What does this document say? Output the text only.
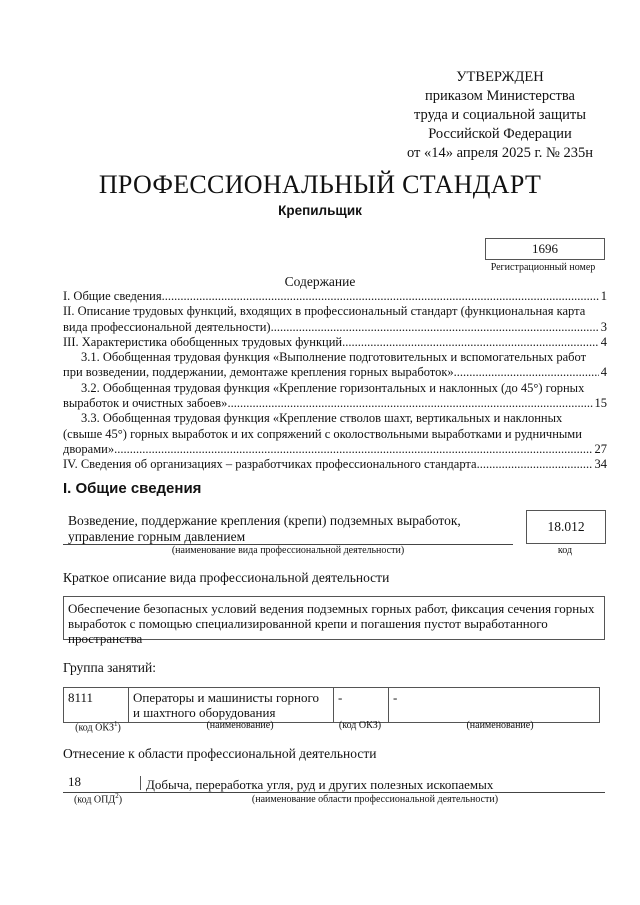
УТВЕРЖДЕН
приказом Министерства
труда и социальной защиты
Российской Федерации
от «14» апреля 2025 г. № 235н
ПРОФЕССИОНАЛЬНЫЙ СТАНДАРТ
Крепильщик
1696
Регистрационный номер
Содержание
I. Общие сведения .....	1
II. Описание трудовых функций, входящих в профессиональный стандарт (функциональная карта
вида профессиональной деятельности) .....	3
III. Характеристика обобщенных трудовых функций .....	4
3.1. Обобщенная трудовая функция «Выполнение подготовительных и вспомогательных работ
при возведении, поддержании, демонтаже крепления горных выработок» .....	4
3.2. Обобщенная трудовая функция «Крепление горизонтальных и наклонных (до 45°) горных
выработок и очистных забоев» .....	15
3.3. Обобщенная трудовая функция «Крепление стволов шахт, вертикальных и наклонных
(свыше 45°) горных выработок и их сопряжений с околоствольными выработками и рудничными
дворами» .....	27
IV. Сведения об организациях – разработчиках профессионального стандарта .....	34
I. Общие сведения
Возведение, поддержание крепления (крепи) подземных выработок, управление горным давлением
(наименование вида профессиональной деятельности)
18.012
код
Краткое описание вида профессиональной деятельности
Обеспечение безопасных условий ведения подземных горных работ, фиксация сечения горных выработок с помощью специализированной крепи и погашения пустот выработанного пространства
Группа занятий:
8111	Операторы и машинисты горного и шахтного оборудования	-	-
(код ОКЗ$^1$)	(наименование)	(код ОКЗ)	(наименование)
Отнесение к области профессиональной деятельности
18	Добыча, переработка угля, руд и других полезных ископаемых
(код ОПД$^2$)	(наименование области профессиональной деятельности)
